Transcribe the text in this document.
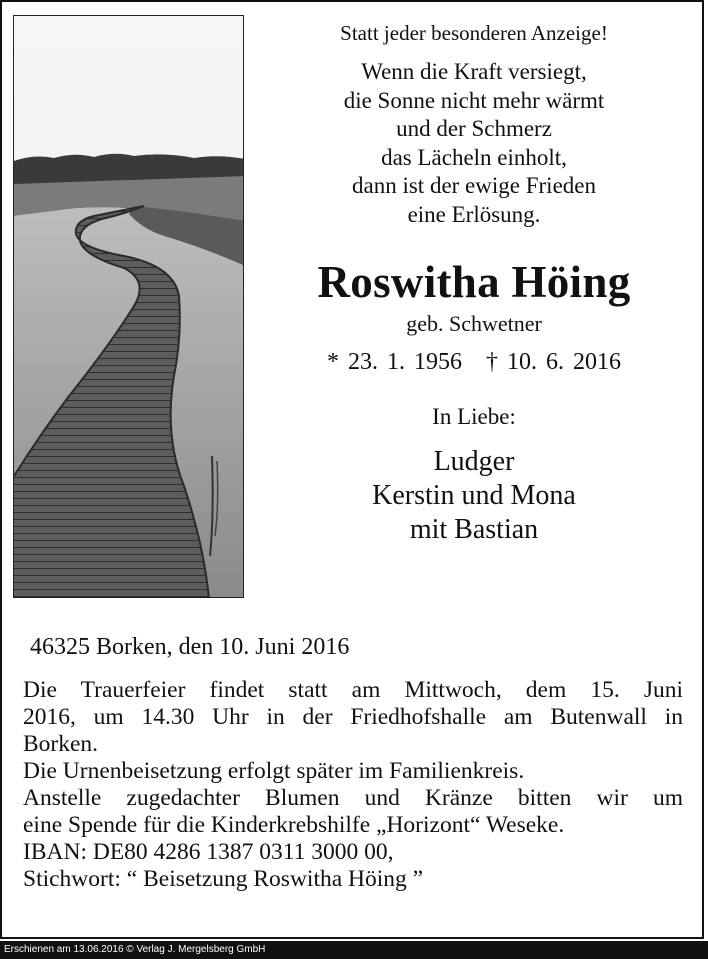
Statt jeder besonderen Anzeige!

Wenn die Kraft versiegt,
die Sonne nicht mehr wärmt
und der Schmerz
das Lächeln einholt,
dann ist der ewige Frieden
eine Erlösung.

Roswitha Höing

geb. Schwetner

* 23. 1. 1956 † 10. 6. 2016

In Liebe:

Ludger
Kerstin und Mona
mit Bastian

46325 Borken, den 10. Juni 2016

Die Trauerfeier findet statt am Mittwoch, dem 15. Juni

2016, um 14.30 Uhr in der Friedhofshalle am Butenwall in

Borken.

Die Urnenbeisetzung erfolgt später im Familienkreis.

Anstelle zugedachter Blumen und Kränze bitten wir um

eine Spende für die Kinderkrebshilfe „Horizont“ Weseke.

IBAN: DE80 4286 1387 0311 3000 00,

Stichwort: “ Beisetzung Roswitha Höing ”

Erschienen am 13.06.2016 © Verlag J. Mergelsberg GmbH
